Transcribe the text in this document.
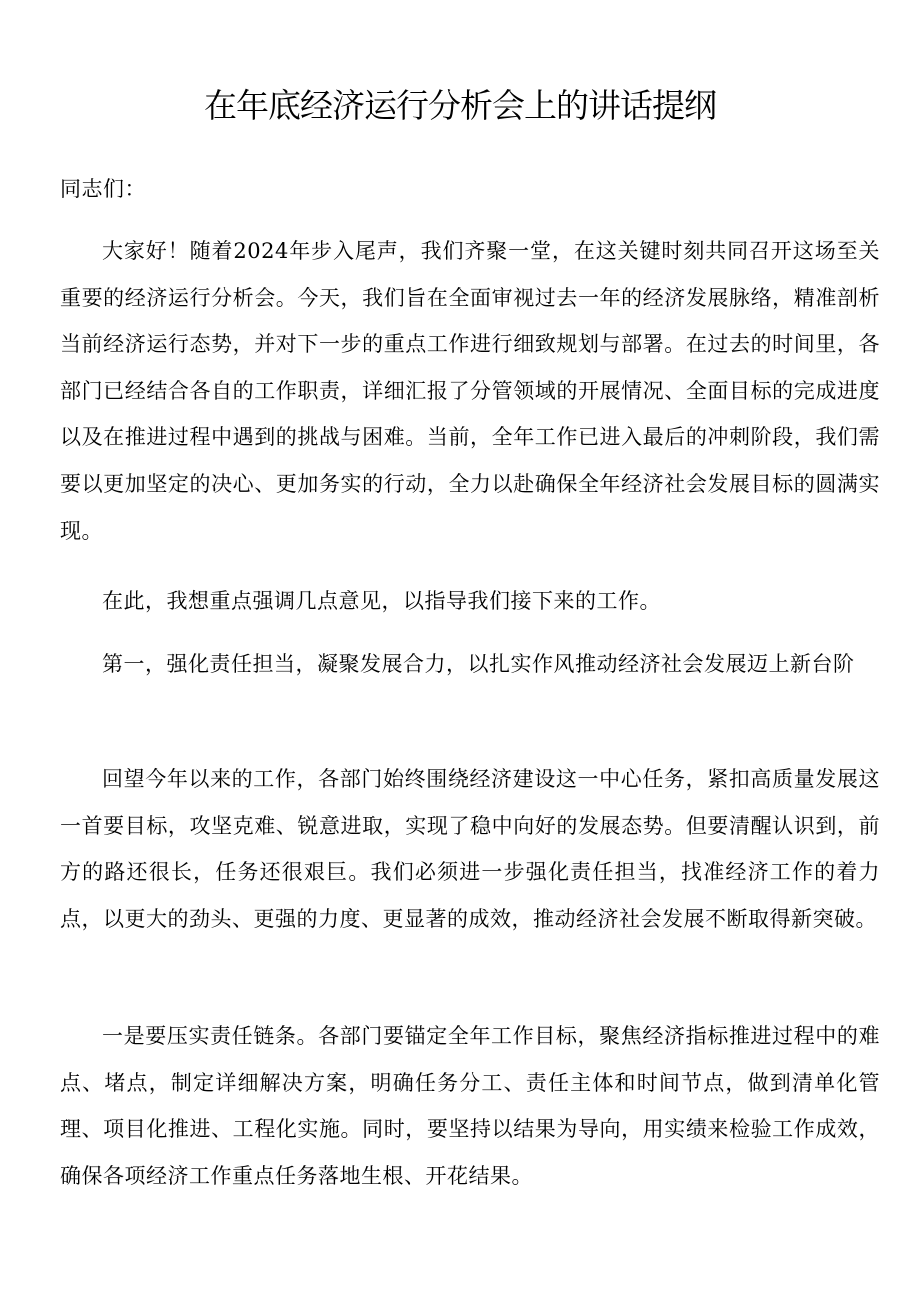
在年底经济运行分析会上的讲话提纲

同志们：

大家好！随着2024年步入尾声，我们齐聚一堂，在这关键时刻共同召开这场至关重要的经济运行分析会。今天，我们旨在全面审视过去一年的经济发展脉络，精准剖析当前经济运行态势，并对下一步的重点工作进行细致规划与部署。在过去的时间里，各部门已经结合各自的工作职责，详细汇报了分管领域的开展情况、全面目标的完成进度以及在推进过程中遇到的挑战与困难。当前，全年工作已进入最后的冲刺阶段，我们需要以更加坚定的决心、更加务实的行动，全力以赴确保全年经济社会发展目标的圆满实现。

在此，我想重点强调几点意见，以指导我们接下来的工作。

第一，强化责任担当，凝聚发展合力，以扎实作风推动经济社会发展迈上新台阶

回望今年以来的工作，各部门始终围绕经济建设这一中心任务，紧扣高质量发展这一首要目标，攻坚克难、锐意进取，实现了稳中向好的发展态势。但要清醒认识到，前方的路还很长，任务还很艰巨。我们必须进一步强化责任担当，找准经济工作的着力点，以更大的劲头、更强的力度、更显著的成效，推动经济社会发展不断取得新突破。

一是要压实责任链条。各部门要锚定全年工作目标，聚焦经济指标推进过程中的难点、堵点，制定详细解决方案，明确任务分工、责任主体和时间节点，做到清单化管理、项目化推进、工程化实施。同时，要坚持以结果为导向，用实绩来检验工作成效，确保各项经济工作重点任务落地生根、开花结果。
